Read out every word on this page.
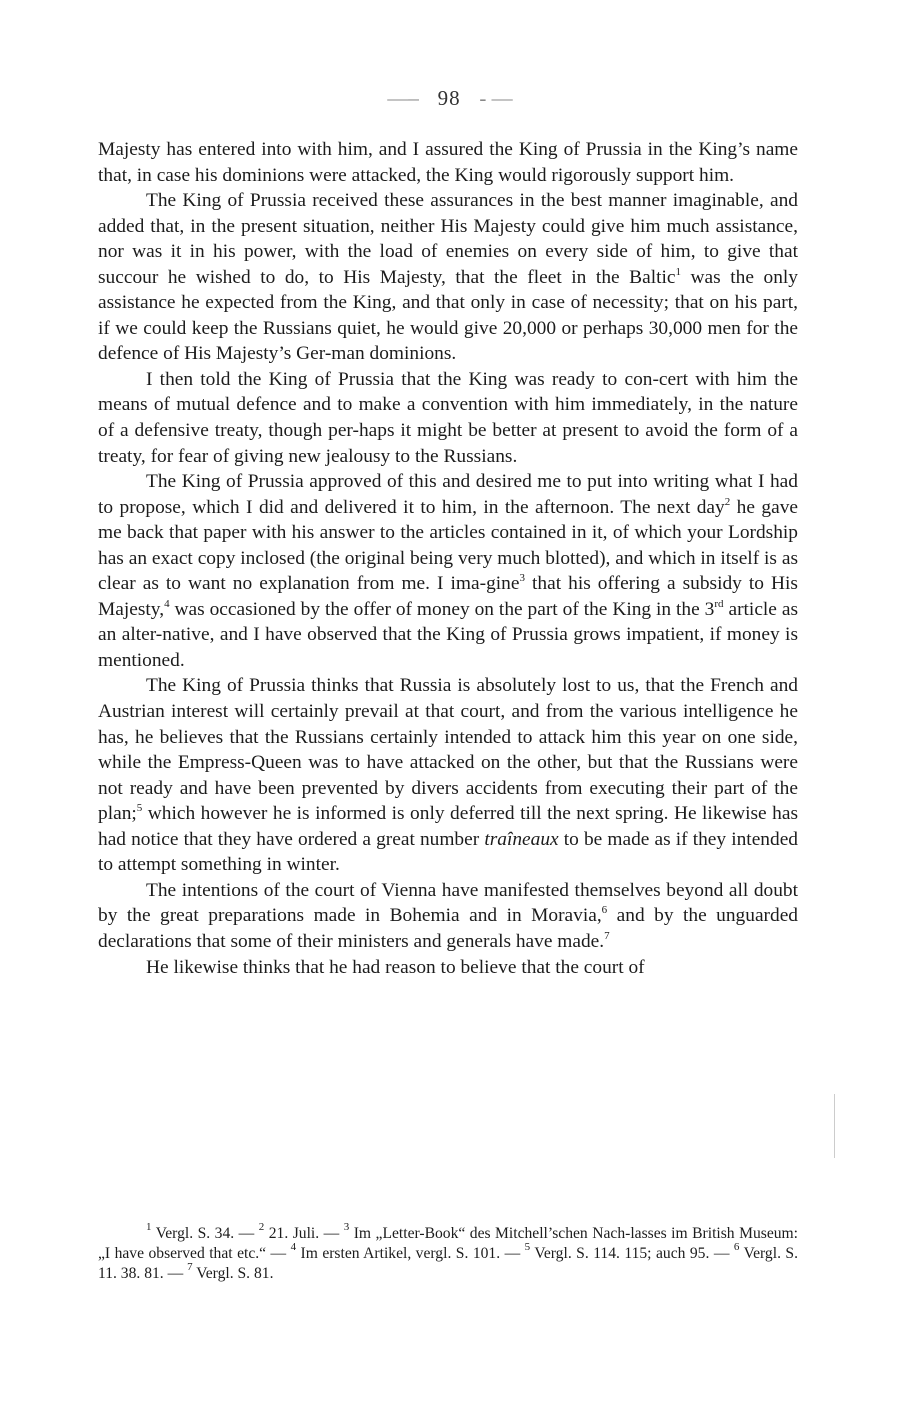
—– 98 - —

Majesty has entered into with him, and I assured the King of Prussia in the King’s name that, in case his dominions were attacked, the King would rigorously support him.

The King of Prussia received these assurances in the best manner imaginable, and added that, in the present situation, neither His Majesty could give him much assistance, nor was it in his power, with the load of enemies on every side of him, to give that succour he wished to do, to His Majesty, that the fleet in the Baltic$^1$ was the only assistance he expected from the King, and that only in case of necessity; that on his part, if we could keep the Russians quiet, he would give 20,000 or perhaps 30,000 men for the defence of His Majesty’s Ger-man dominions.

I then told the King of Prussia that the King was ready to con-cert with him the means of mutual defence and to make a convention with him immediately, in the nature of a defensive treaty, though per-haps it might be better at present to avoid the form of a treaty, for fear of giving new jealousy to the Russians.

The King of Prussia approved of this and desired me to put into writing what I had to propose, which I did and delivered it to him, in the afternoon. The next day$^2$ he gave me back that paper with his answer to the articles contained in it, of which your Lordship has an exact copy inclosed (the original being very much blotted), and which in itself is as clear as to want no explanation from me. I ima-gine$^3$ that his offering a subsidy to His Majesty,$^4$ was occasioned by the offer of money on the part of the King in the 3rd article as an alter-native, and I have observed that the King of Prussia grows impatient, if money is mentioned.

The King of Prussia thinks that Russia is absolutely lost to us, that the French and Austrian interest will certainly prevail at that court, and from the various intelligence he has, he believes that the Russians certainly intended to attack him this year on one side, while the Empress-Queen was to have attacked on the other, but that the Russians were not ready and have been prevented by divers accidents from executing their part of the plan;$^5$ which however he is informed is only deferred till the next spring. He likewise has had notice that they have ordered a great number traîneaux to be made as if they intended to attempt something in winter.

The intentions of the court of Vienna have manifested themselves beyond all doubt by the great preparations made in Bohemia and in Moravia,$^6$ and by the unguarded declarations that some of their ministers and generals have made.$^7$

He likewise thinks that he had reason to believe that the court of

$^1$ Vergl. S. 34. — $^2$ 21. Juli. — $^3$ Im „Letter-Book“ des Mitchell’schen Nach-lasses im British Museum: „I have observed that etc.“ — $^4$ Im ersten Artikel, vergl. S. 101. — $^5$ Vergl. S. 114. 115; auch 95. — $^6$ Vergl. S. 11. 38. 81. — $^7$ Vergl. S. 81.
